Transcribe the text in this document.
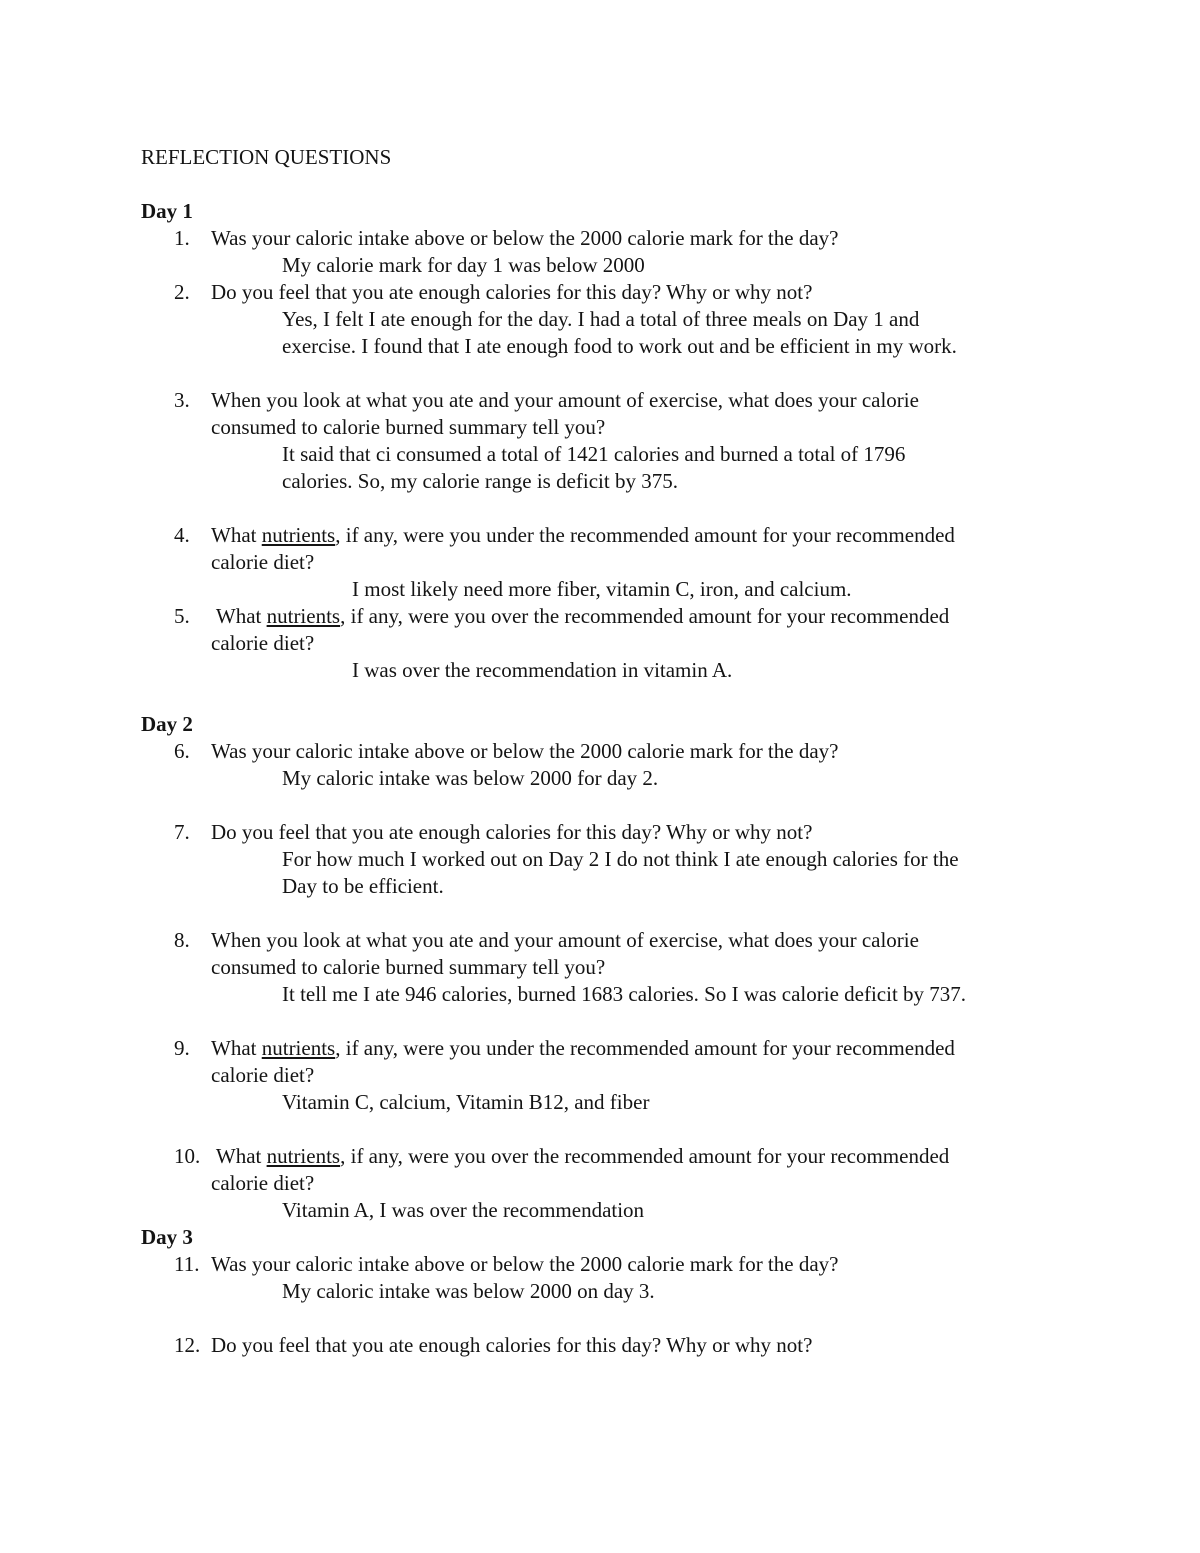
REFLECTION QUESTIONS
Day 1
1. Was your caloric intake above or below the 2000 calorie mark for the day?
My calorie mark for day 1 was below 2000
2. Do you feel that you ate enough calories for this day? Why or why not?
Yes, I felt I ate enough for the day. I had a total of three meals on Day 1 and
exercise. I found that I ate enough food to work out and be efficient in my work.
3. When you look at what you ate and your amount of exercise, what does your calorie
consumed to calorie burned summary tell you?
It said that ci consumed a total of 1421 calories and burned a total of 1796
calories. So, my calorie range is deficit by 375.
4. What nutrients, if any, were you under the recommended amount for your recommended
calorie diet?
I most likely need more fiber, vitamin C, iron, and calcium.
5. What nutrients, if any, were you over the recommended amount for your recommended
calorie diet?
I was over the recommendation in vitamin A.
Day 2
6. Was your caloric intake above or below the 2000 calorie mark for the day?
My caloric intake was below 2000 for day 2.
7. Do you feel that you ate enough calories for this day? Why or why not?
For how much I worked out on Day 2 I do not think I ate enough calories for the
Day to be efficient.
8. When you look at what you ate and your amount of exercise, what does your calorie
consumed to calorie burned summary tell you?
It tell me I ate 946 calories, burned 1683 calories. So I was calorie deficit by 737.
9. What nutrients, if any, were you under the recommended amount for your recommended
calorie diet?
Vitamin C, calcium, Vitamin B12, and fiber
10. What nutrients, if any, were you over the recommended amount for your recommended
calorie diet?
Vitamin A, I was over the recommendation
Day 3
11. Was your caloric intake above or below the 2000 calorie mark for the day?
My caloric intake was below 2000 on day 3.
12. Do you feel that you ate enough calories for this day? Why or why not?
